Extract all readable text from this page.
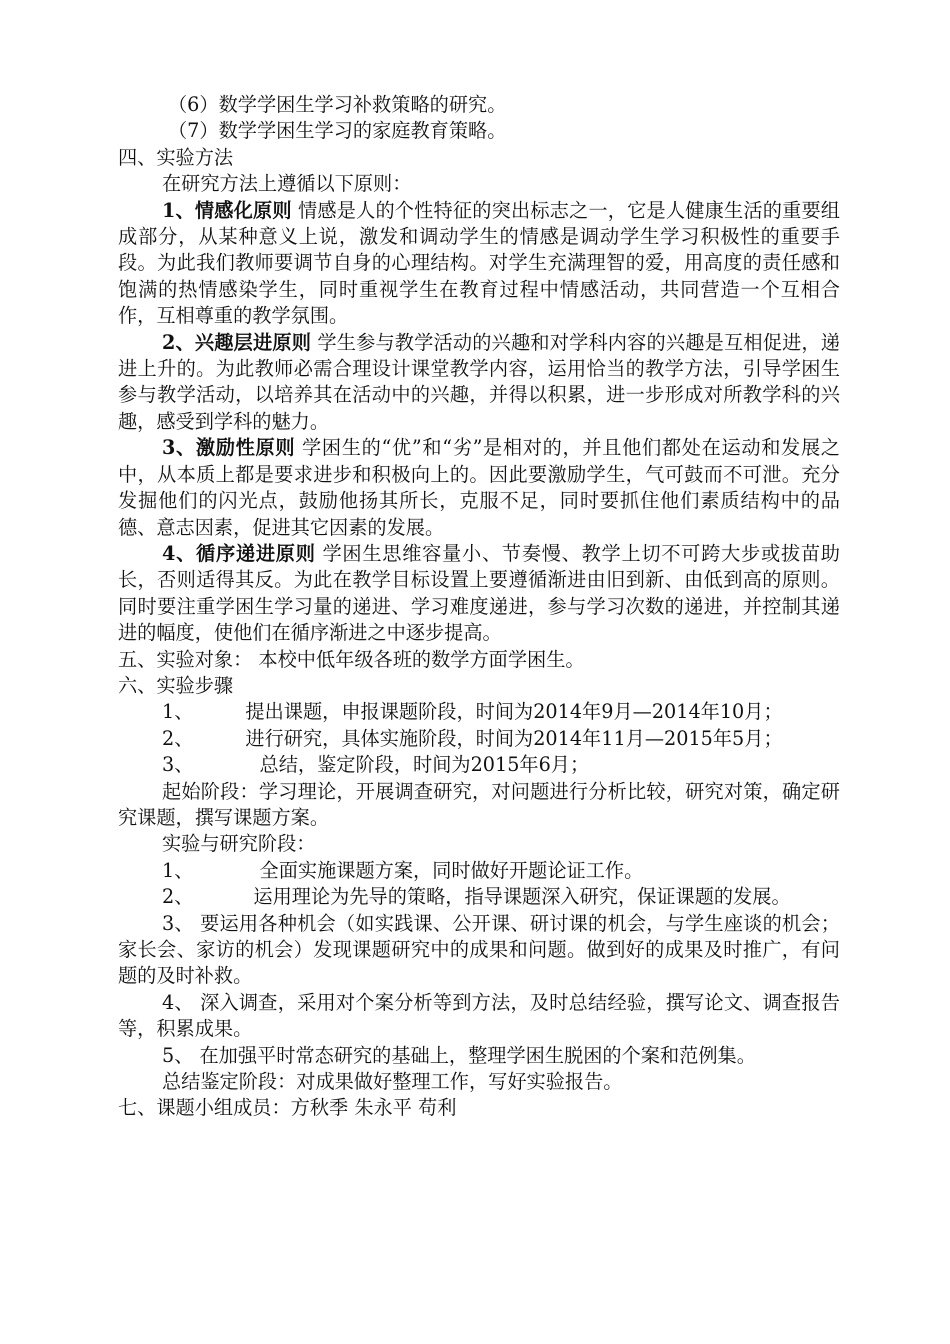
（6）数学学困生学习补救策略的研究。
（7）数学学困生学习的家庭教育策略。
四、实验方法
在研究方法上遵循以下原则：
1、情感化原则 情感是人的个性特征的突出标志之一，它是人健康生活的重要组成部分，从某种意义上说，激发和调动学生的情感是调动学生学习积极性的重要手段。为此我们教师要调节自身的心理结构。对学生充满理智的爱，用高度的责任感和饱满的热情感染学生，同时重视学生在教育过程中情感活动，共同营造一个互相合作，互相尊重的教学氛围。
2、兴趣层进原则 学生参与教学活动的兴趣和对学科内容的兴趣是互相促进，递进上升的。为此教师必需合理设计课堂教学内容，运用恰当的教学方法，引导学困生参与教学活动，以培养其在活动中的兴趣，并得以积累，进一步形成对所教学科的兴趣，感受到学科的魅力。
3、激励性原则 学困生的“优”和“劣”是相对的，并且他们都处在运动和发展之中，从本质上都是要求进步和积极向上的。因此要激励学生，气可鼓而不可泄。充分发掘他们的闪光点，鼓励他扬其所长，克服不足，同时要抓住他们素质结构中的品德、意志因素，促进其它因素的发展。
4、循序递进原则 学困生思维容量小、节奏慢、教学上切不可跨大步或拔苗助长，否则适得其反。为此在教学目标设置上要遵循渐进由旧到新、由低到高的原则。同时要注重学困生学习量的递进、学习难度递进，参与学习次数的递进，并控制其递进的幅度，使他们在循序渐进之中逐步提高。
五、实验对象： 本校中低年级各班的数学方面学困生。
六、实验步骤
1、	提出课题，申报课题阶段，时间为2014年9月—2014年10月；
2、	进行研究，具体实施阶段，时间为2014年11月—2015年5月；
3、	总结，鉴定阶段，时间为2015年6月；
起始阶段：学习理论，开展调查研究，对问题进行分析比较，研究对策，确定研究课题，撰写课题方案。
实验与研究阶段：
1、	全面实施课题方案，同时做好开题论证工作。
2、	运用理论为先导的策略，指导课题深入研究，保证课题的发展。
3、 要运用各种机会（如实践课、公开课、研讨课的机会，与学生座谈的机会；家长会、家访的机会）发现课题研究中的成果和问题。做到好的成果及时推广，有问题的及时补救。
4、 深入调查，采用对个案分析等到方法，及时总结经验，撰写论文、调查报告等，积累成果。
5、 在加强平时常态研究的基础上，整理学困生脱困的个案和范例集。
总结鉴定阶段：对成果做好整理工作，写好实验报告。
七、课题小组成员：方秋季 朱永平 苟利
